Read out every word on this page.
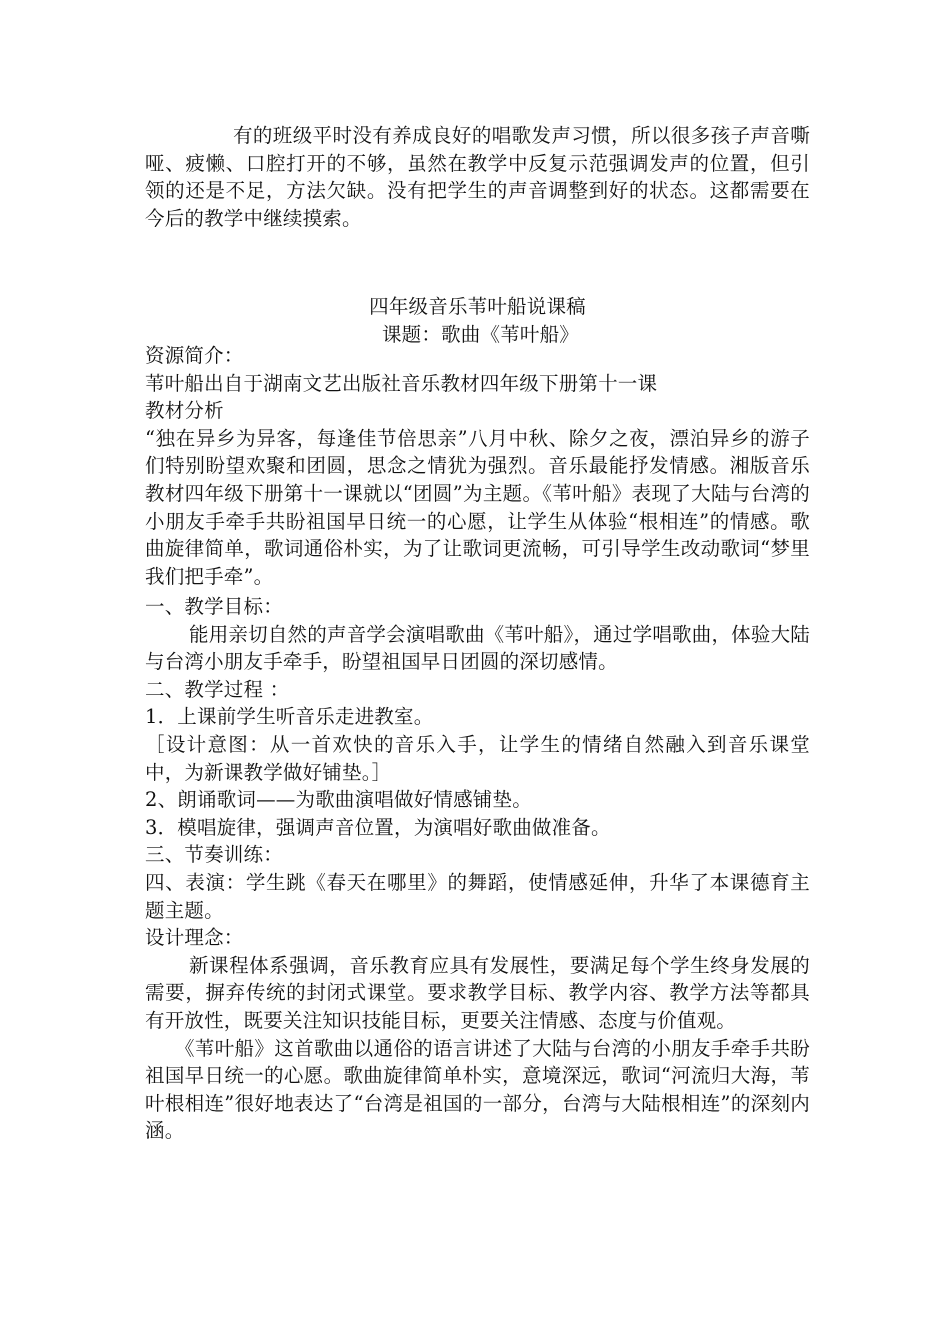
有的班级平时没有养成良好的唱歌发声习惯，所以很多孩子声音嘶哑、疲懒、口腔打开的不够，虽然在教学中反复示范强调发声的位置，但引领的还是不足，方法欠缺。没有把学生的声音调整到好的状态。这都需要在今后的教学中继续摸索。

四年级音乐苇叶船说课稿

课题：歌曲《苇叶船》

资源简介：

苇叶船出自于湖南文艺出版社音乐教材四年级下册第十一课

教材分析

“独在异乡为异客，每逢佳节倍思亲”八月中秋、除夕之夜，漂泊异乡的游子们特别盼望欢聚和团圆，思念之情犹为强烈。音乐最能抒发情感。湘版音乐教材四年级下册第十一课就以“团圆”为主题。《苇叶船》表现了大陆与台湾的小朋友手牵手共盼祖国早日统一的心愿，让学生从体验“根相连”的情感。歌曲旋律简单，歌词通俗朴实，为了让歌词更流畅，可引导学生改动歌词“梦里我们把手牵”。

一、教学目标：

能用亲切自然的声音学会演唱歌曲《苇叶船》，通过学唱歌曲，体验大陆与台湾小朋友手牵手，盼望祖国早日团圆的深切感情。

二、教学过程 ：

1．上课前学生听音乐走进教室。

［设计意图：从一首欢快的音乐入手，让学生的情绪自然融入到音乐课堂中，为新课教学做好铺垫。］

2、朗诵歌词——为歌曲演唱做好情感铺垫。

3．模唱旋律，强调声音位置，为演唱好歌曲做准备。

三、节奏训练：

四、表演：学生跳《春天在哪里》的舞蹈，使情感延伸，升华了本课德育主题主题。

设计理念：

新课程体系强调，音乐教育应具有发展性，要满足每个学生终身发展的需要，摒弃传统的封闭式课堂。要求教学目标、教学内容、教学方法等都具有开放性，既要关注知识技能目标，更要关注情感、态度与价值观。

《苇叶船》这首歌曲以通俗的语言讲述了大陆与台湾的小朋友手牵手共盼祖国早日统一的心愿。歌曲旋律简单朴实，意境深远，歌词“河流归大海，苇叶根相连”很好地表达了“台湾是祖国的一部分，台湾与大陆根相连”的深刻内涵。
